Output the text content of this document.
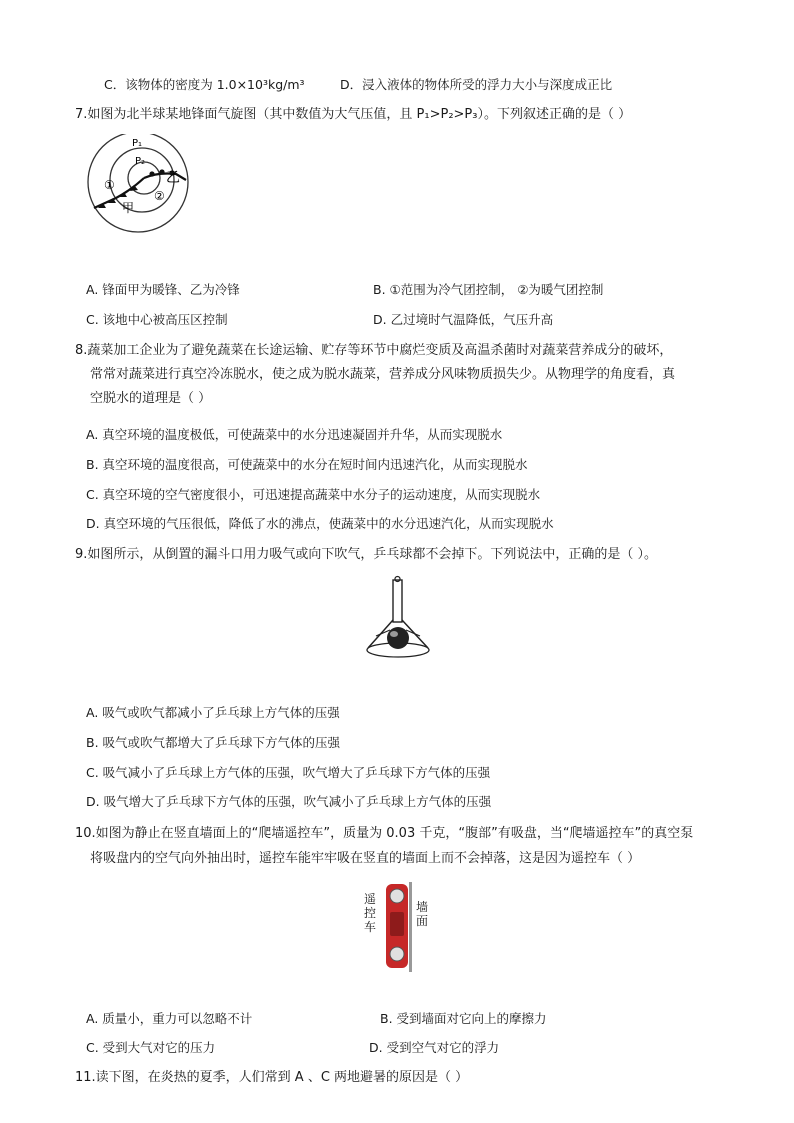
C．该物体的密度为 1.0×10³kg/m³	D．浸入液体的物体所受的浮力大小与深度成正比
7.如图为北半球某地锋面气旋图（其中数值为大气压值，且 P₁>P₂>P₃）。下列叙述正确的是（ ）
P₁
P₂
①
②
乙
甲
A. 锋面甲为暖锋、乙为冷锋	B. ①范围为冷气团控制， ②为暖气团控制
C. 该地中心被高压区控制	D. 乙过境时气温降低，气压升高
8.蔬菜加工企业为了避免蔬菜在长途运输、贮存等环节中腐烂变质及高温杀菌时对蔬菜营养成分的破坏，
常常对蔬菜进行真空冷冻脱水，使之成为脱水蔬菜，营养成分风味物质损失少。从物理学的角度看，真
空脱水的道理是（ ）
A. 真空环境的温度极低，可使蔬菜中的水分迅速凝固并升华，从而实现脱水
B. 真空环境的温度很高，可使蔬菜中的水分在短时间内迅速汽化，从而实现脱水
C. 真空环境的空气密度很小，可迅速提高蔬菜中水分子的运动速度，从而实现脱水
D. 真空环境的气压很低，降低了水的沸点，使蔬菜中的水分迅速汽化，从而实现脱水
9.如图所示，从倒置的漏斗口用力吸气或向下吹气，乒乓球都不会掉下。下列说法中，正确的是（ ）。
A. 吸气或吹气都减小了乒乓球上方气体的压强
B. 吸气或吹气都增大了乒乓球下方气体的压强
C. 吸气减小了乒乓球上方气体的压强，吹气增大了乒乓球下方气体的压强
D. 吸气增大了乒乓球下方气体的压强，吹气减小了乒乓球上方气体的压强
10.如图为静止在竖直墙面上的“爬墙遥控车”，质量为 0.03 千克，“腹部”有吸盘，当“爬墙遥控车”的真空泵
将吸盘内的空气向外抽出时，遥控车能牢牢吸在竖直的墙面上而不会掉落，这是因为遥控车（ ）
遥控车
墙面
A. 质量小，重力可以忽略不计	B. 受到墙面对它向上的摩擦力
C. 受到大气对它的压力	D. 受到空气对它的浮力
11.读下图，在炎热的夏季，人们常到 A 、C 两地避暑的原因是（ ）
